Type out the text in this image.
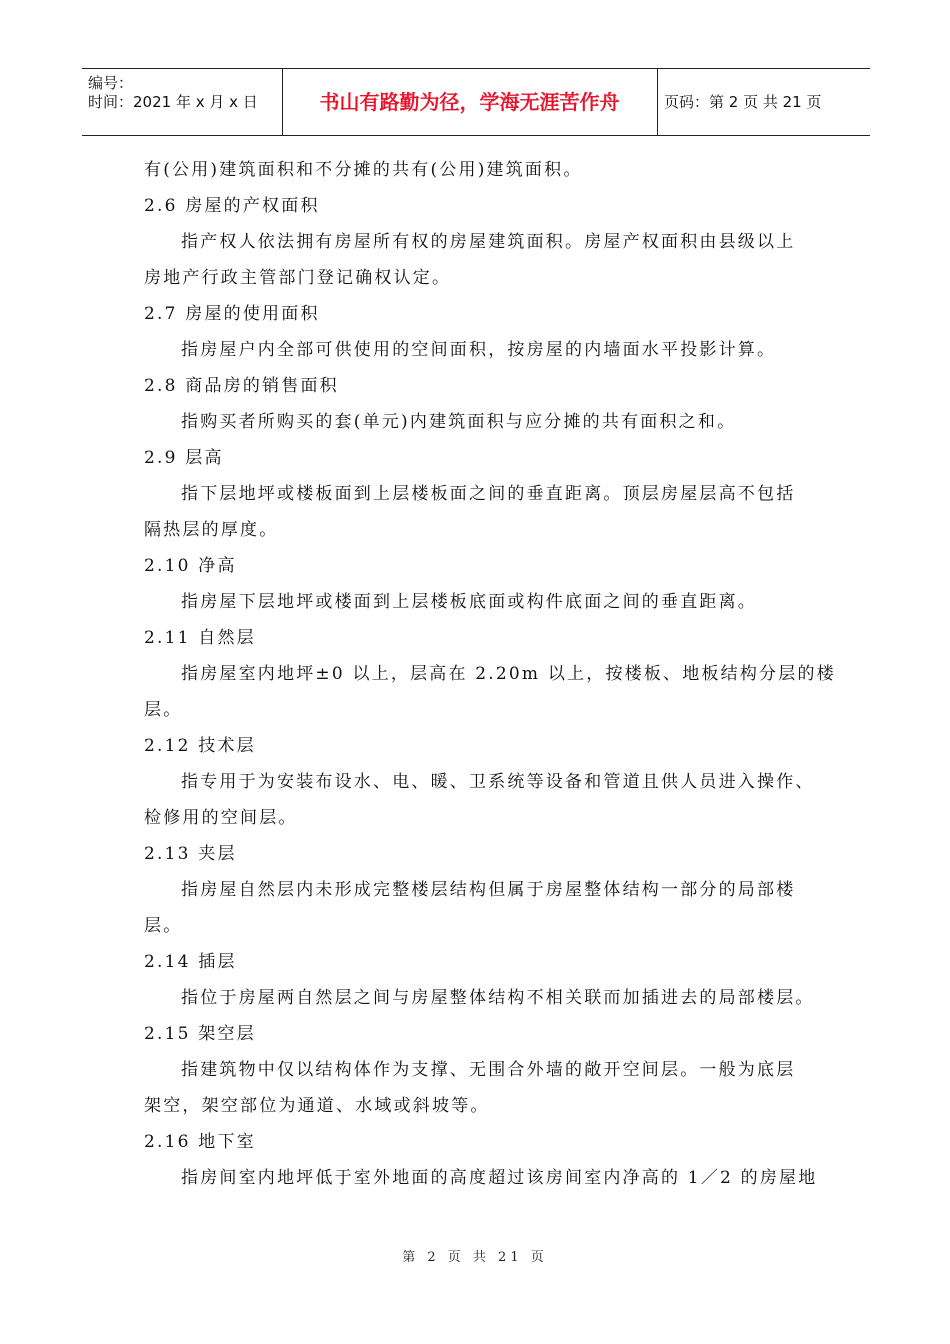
编号：
时间：2021 年 x 月 x 日	书山有路勤为径，学海无涯苦作舟	页码：第 2 页 共 21 页
有(公用)建筑面积和不分摊的共有(公用)建筑面积。
2.6 房屋的产权面积
指产权人依法拥有房屋所有权的房屋建筑面积。房屋产权面积由县级以上
房地产行政主管部门登记确权认定。
2.7 房屋的使用面积
指房屋户内全部可供使用的空间面积，按房屋的内墙面水平投影计算。
2.8 商品房的销售面积
指购买者所购买的套(单元)内建筑面积与应分摊的共有面积之和。
2.9 层高
指下层地坪或楼板面到上层楼板面之间的垂直距离。顶层房屋层高不包括
隔热层的厚度。
2.10 净高
指房屋下层地坪或楼面到上层楼板底面或构件底面之间的垂直距离。
2.11 自然层
指房屋室内地坪±0 以上，层高在 2.20m 以上，按楼板、地板结构分层的楼
层。
2.12 技术层
指专用于为安装布设水、电、暖、卫系统等设备和管道且供人员进入操作、
检修用的空间层。
2.13 夹层
指房屋自然层内未形成完整楼层结构但属于房屋整体结构一部分的局部楼
层。
2.14 插层
指位于房屋两自然层之间与房屋整体结构不相关联而加插进去的局部楼层。
2.15 架空层
指建筑物中仅以结构体作为支撑、无围合外墙的敞开空间层。一般为底层
架空，架空部位为通道、水域或斜坡等。
2.16 地下室
指房间室内地坪低于室外地面的高度超过该房间室内净高的 1／2 的房屋地
第 2 页 共 21 页
